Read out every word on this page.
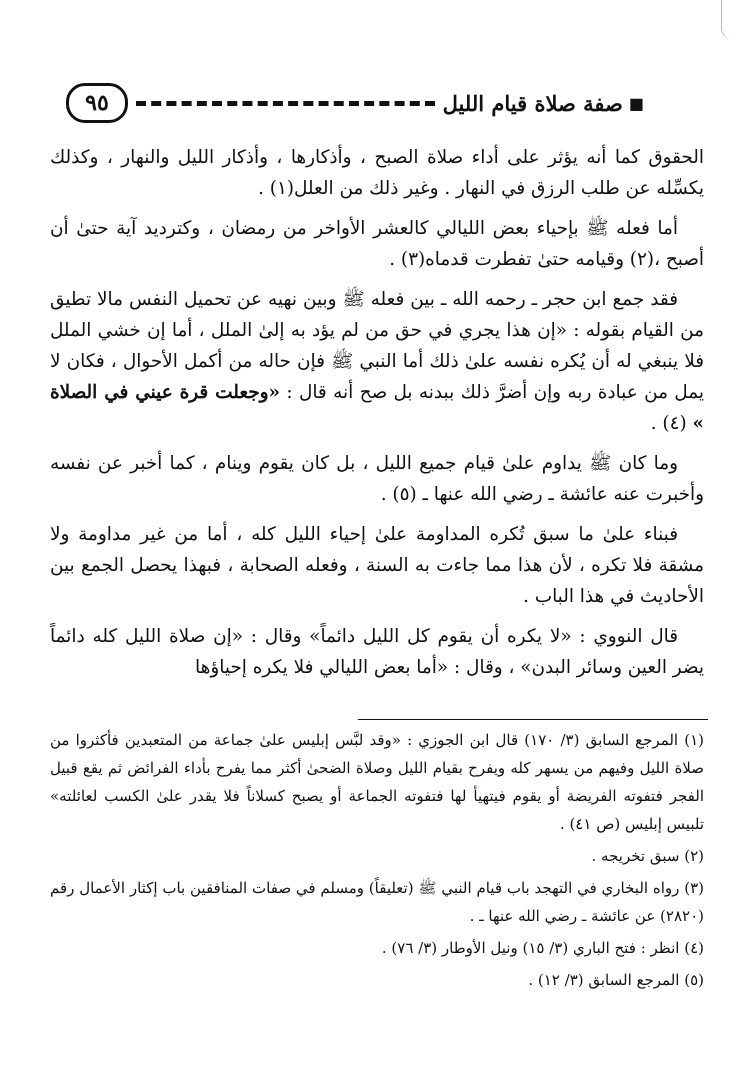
٩٥	صفة صلاة قيام الليل ■

الحقوق كما أنه يؤثر على أداء صلاة الصبح ، وأذكارها ، وأذكار الليل والنهار ، وكذلك يكسِّله عن طلب الرزق في النهار . وغير ذلك من العلل(١) .

أما فعله ﷺ بإحياء بعض الليالي كالعشر الأواخر من رمضان ، وكترديد آية حتىٰ أن أصبح ،(٢) وقيامه حتىٰ تفطرت قدماه(٣) .

فقد جمع ابن حجر ـ رحمه الله ـ بين فعله ﷺ وبين نهيه عن تحميل النفس مالا تطيق من القيام بقوله : «إن هذا يجري في حق من لم يؤد به إلىٰ الملل ، أما إن خشي الملل فلا ينبغي له أن يُكره نفسه علىٰ ذلك أما النبي ﷺ فإن حاله من أكمل الأحوال ، فكان لا يمل من عبادة ربه وإن أضرَّ ذلك ببدنه بل صح أنه قال : «وجعلت قرة عيني في الصلاة » (٤) .

وما كان ﷺ يداوم علىٰ قيام جميع الليل ، بل كان يقوم وينام ، كما أخبر عن نفسه وأخبرت عنه عائشة ـ رضي الله عنها ـ (٥) .

فبناء علىٰ ما سبق تُكره المداومة علىٰ إحياء الليل كله ، أما من غير مداومة ولا مشقة فلا تكره ، لأن هذا مما جاءت به السنة ، وفعله الصحابة ، فبهذا يحصل الجمع بين الأحاديث في هذا الباب .

قال النووي : «لا يكره أن يقوم كل الليل دائماً» وقال : «إن صلاة الليل كله دائماً يضر العين وسائر البدن» ، وقال : «أما بعض الليالي فلا يكره إحياؤها

(١) المرجع السابق (٣/ ١٧٠) قال ابن الجوزي : «وقد لبَّس إبليس علىٰ جماعة من المتعبدين فأكثروا من صلاة الليل وفيهم من يسهر كله ويفرح بقيام الليل وصلاة الضحىٰ أكثر مما يفرح بأداء الفرائض ثم يقع قبيل الفجر فتفوته الفريضة أو يقوم فيتهيأ لها فتفوته الجماعة أو يصبح كسلاناً فلا يقدر علىٰ الكسب لعائلته» تلبيس إبليس (ص ٤١) .

(٢) سبق تخريجه .

(٣) رواه البخاري في التهجد باب قيام النبي ﷺ (تعليقاً) ومسلم في صفات المنافقين باب إكثار الأعمال رقم (٢٨٢٠) عن عائشة ـ رضي الله عنها ـ .

(٤) انظر : فتح الباري (٣/ ١٥) ونيل الأوطار (٣/ ٧٦) .

(٥) المرجع السابق (٣/ ١٢) .
